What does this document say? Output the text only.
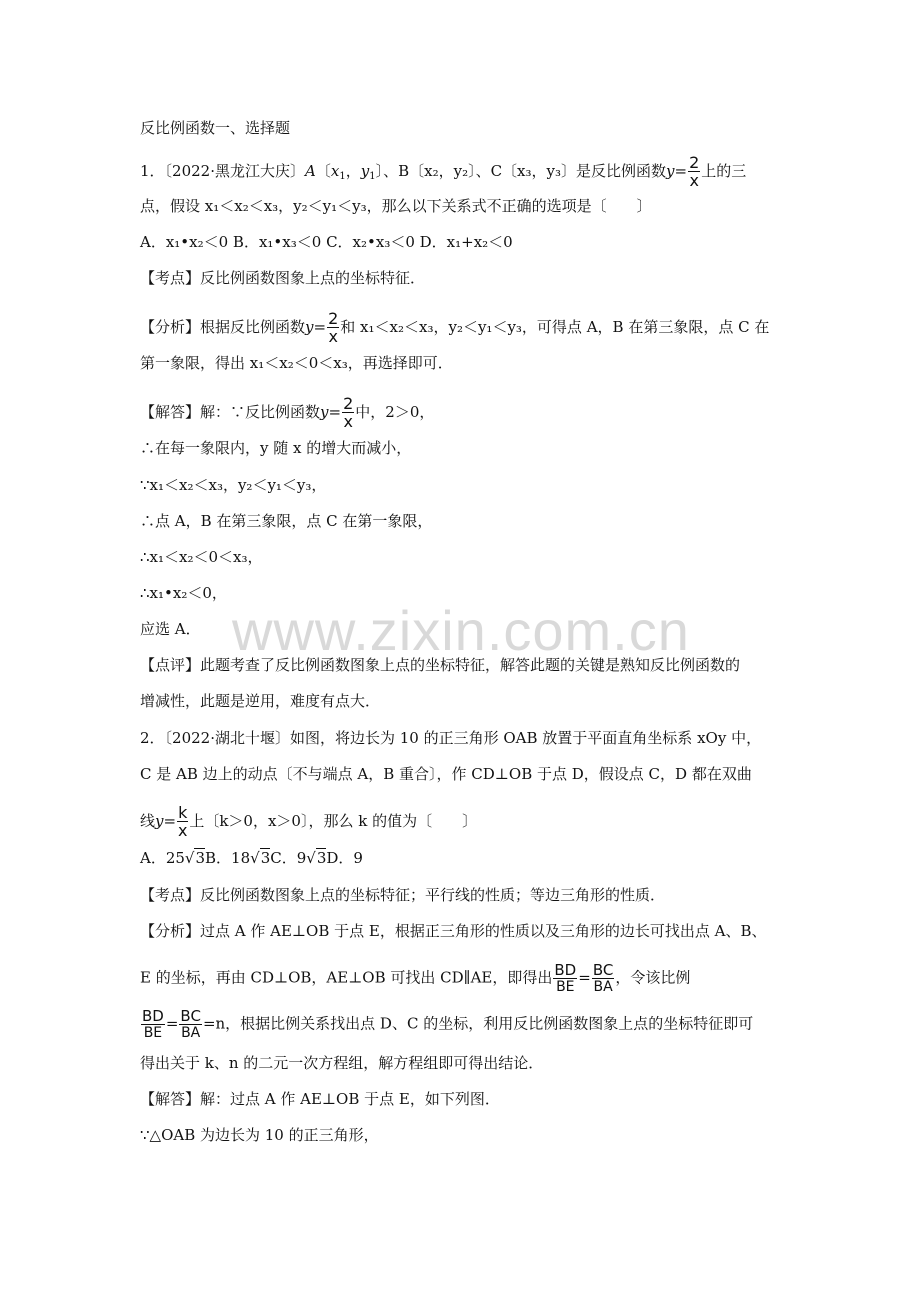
www.zixin.com.cn
反比例函数一、选择题
1．〔2022·黑龙江大庆〕A〔$x_1$，$y_1$〕、B〔x₂，y₂〕、C〔x₃，y₃〕是反比例函数$y= \frac{2}{x}$ 上的三
点，假设 x₁＜x₂＜x₃，y₂＜y₁＜y₃，那么以下关系式不正确的选项是〔　　〕
A．x₁•x₂＜0 B．x₁•x₃＜0 C．x₂•x₃＜0 D．x₁+x₂＜0
【考点】反比例函数图象上点的坐标特征．
【分析】根据反比例函数$y= \frac{2}{x}$ 和 x₁＜x₂＜x₃，y₂＜y₁＜y₃，可得点 A，B 在第三象限，点 C 在
第一象限，得出 x₁＜x₂＜0＜x₃，再选择即可．
【解答】解：∵反比例函数$y= \frac{2}{x}$ 中，2＞0，
∴在每一象限内，y 随 x 的增大而减小，
∵x₁＜x₂＜x₃，y₂＜y₁＜y₃，
∴点 A，B 在第三象限，点 C 在第一象限，
∴x₁＜x₂＜0＜x₃，
∴x₁•x₂＜0，
应选 A．
【点评】此题考查了反比例函数图象上点的坐标特征，解答此题的关键是熟知反比例函数的
增减性，此题是逆用，难度有点大．
2．〔2022·湖北十堰〕如图，将边长为 10 的正三角形 OAB 放置于平面直角坐标系 xOy 中，
C 是 AB 边上的动点〔不与端点 A，B 重合〕，作 CD⊥OB 于点 D，假设点 C，D 都在双曲
线$y= \frac{k}{x}$ 上〔k＞0，x＞0〕，那么 k 的值为〔　　〕
A．25√3B．18√3C．9√3D．9
【考点】反比例函数图象上点的坐标特征；平行线的性质；等边三角形的性质．
【分析】过点 A 作 AE⊥OB 于点 E，根据正三角形的性质以及三角形的边长可找出点 A、B、
E 的坐标，再由 CD⊥OB，AE⊥OB 可找出 CD∥AE，即得出 $\frac{BD}{BE} = \frac{BC}{BA}$ ，令该比例
$\frac{BD}{BE} = \frac{BC}{BA} =n$，根据比例关系找出点 D、C 的坐标，利用反比例函数图象上点的坐标特征即可
得出关于 k、n 的二元一次方程组，解方程组即可得出结论．
【解答】解：过点 A 作 AE⊥OB 于点 E，如下列图．
∵△OAB 为边长为 10 的正三角形，
